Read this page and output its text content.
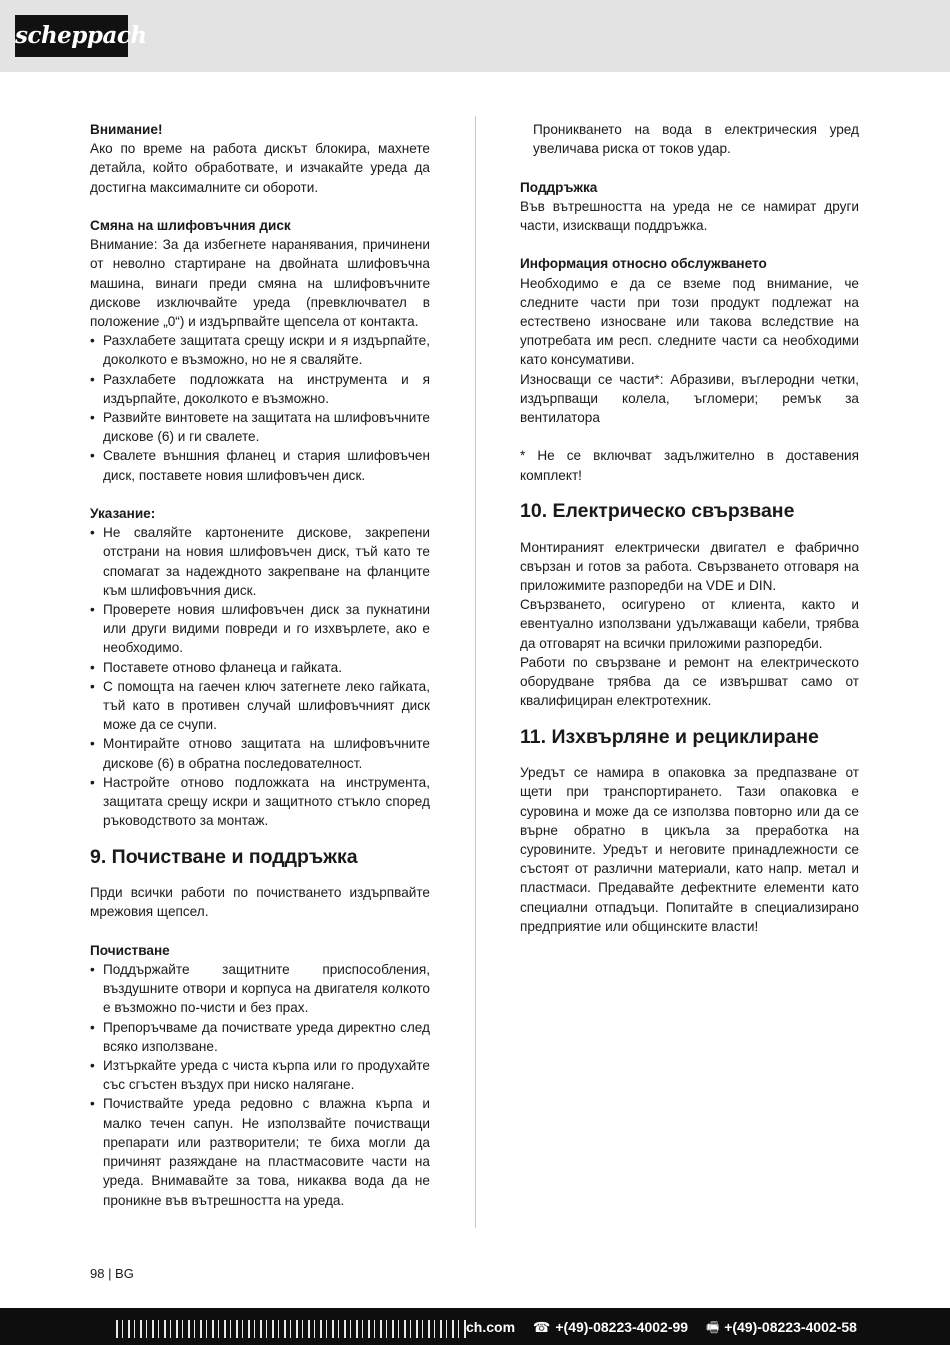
scheppach

Внимание!

Ако по време на работа дискът блокира, махнете детайла, който обработвате, и изчакайте уреда да достигна максималните си обороти.

Смяна на шлифовъчния диск

Внимание: За да избегнете наранявания, причинени от неволно стартиране на двойната шлифовъчна машина, винаги преди смяна на шлифовъчните дискове изключвайте уреда (превключвател в положение „0“) и издърпвайте щепсела от контакта.

• Разхлабете защитата срещу искри и я издърпайте, доколкото е възможно, но не я сваляйте.
• Разхлабете подложката на инструмента и я издърпайте, доколкото е възможно.
• Развийте винтовете на защитата на шлифовъчните дискове (6) и ги свалете.
• Свалете външния фланец и стария шлифовъчен диск, поставете новия шлифовъчен диск.

Указание:

• Не сваляйте картонените дискове, закрепени отстрани на новия шлифовъчен диск, тъй като те спомагат за надеждното закрепване на фланците към шлифовъчния диск.
• Проверете новия шлифовъчен диск за пукнатини или други видими повреди и го изхвърлете, ако е необходимо.
• Поставете отново фланеца и гайката.
• С помощта на гаечен ключ затегнете леко гайката, тъй като в противен случай шлифовъчният диск може да се счупи.
• Монтирайте отново защитата на шлифовъчните дискове (6) в обратна последователност.
• Настройте отново подложката на инструмента, защитата срещу искри и защитното стъкло според ръководството за монтаж.

9. Почистване и поддръжка

Прди всички работи по почистването издърпвайте мрежовия щепсел.

Почистване

• Поддържайте защитните приспособления, въздушните отвори и корпуса на двигателя колкото е възможно по-чисти и без прах.
• Препоръчваме да почиствате уреда директно след всяко използване.
• Изтъркайте уреда с чиста кърпа или го продухайте със сгъстен въздух при ниско налягане.
• Почиствайте уреда редовно с влажна кърпа и малко течен сапун. Не използвайте почистващи препарати или разтворители; те биха могли да причинят разяждане на пластмасовите части на уреда. Внимавайте за това, никаква вода да не проникне във вътрешността на уреда.

Проникването на вода в електрическия уред увеличава риска от токов удар.

Поддръжка

Във вътрешността на уреда не се намират други части, изискващи поддръжка.

Информация относно обслужването

Необходимо е да се вземе под внимание, че следните части при този продукт подлежат на естествено износване или такова вследствие на употребата им респ. следните части са необходими като консумативи.

Износващи се части*: Абразиви, въглеродни четки, издърпващи колела, ъгломери; ремък за вентилатора

* Не се включват задължително в доставения комплект!

10. Електрическо свързване

Монтираният електрически двигател е фабрично свързан и готов за работа. Свързването отговаря на приложимите разпоредби на VDE и DIN.

Свързването, осигурено от клиента, както и евентуално използвани удължаващи кабели, трябва да отговарят на всички приложими разпоредби.

Работи по свързване и ремонт на електрическото оборудване трябва да се извършват само от квалифициран електротехник.

11. Изхвърляне и рециклиране

Уредът се намира в опаковка за предпазване от щети при транспортирането. Тази опаковка е суровина и може да се използва повторно или да се върне обратно в цикъла за преработка на суровините. Уредът и неговите принадлежности се състоят от различни материали, като напр. метал и пластмаси. Предавайте дефектните елементи като специални отпадъци. Попитайте в специализирано предприятие или общинските власти!

98 | BG
ch.com ☎ +(49)-08223-4002-99 🖷 +(49)-08223-4002-58
